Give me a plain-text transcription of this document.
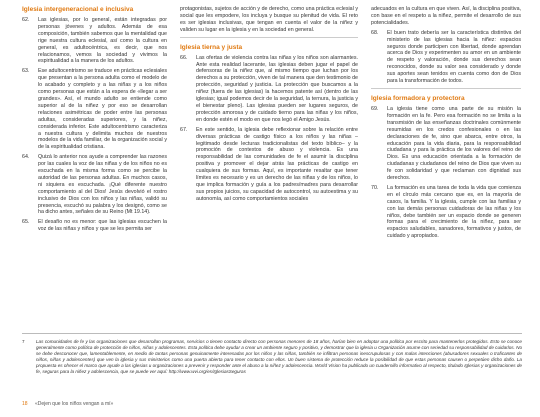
Iglesia intergeneracional e inclusiva
62. Las iglesias, por lo general, están integradas por personas jóvenes y adultos. Además de esa composición, también sabemos que la mentalidad que rige nuestra cultura eclesial, así como la cultura en general, es adultocéntrica, es decir, que nos relacionamos, vemos la sociedad y vivimos la espiritualidad a la manera de los adultos.
63. Ese adultocentrismo se traduce en prácticas eclesiales que presentan a la persona adulta como el modelo de lo acabado y completo y a las niñas y a los niños como personas que están a la espera de «llegar a ser grandes». Así, el mundo adulto se entiende como superior al de la niñez y por eso se desarrollan relaciones asimétricas de poder entre las personas adultas, consideradas superiores, y la niñez, considerada inferior. Este adultocentrismo caracteriza a nuestra cultura y delimita muchos de nuestros modelos de la vida familiar, de la organización social y de la espiritualidad cristiana.
64. Quizá lo anterior nos ayude a comprender las razones por las cuales la voz de las niñas y de los niños no es escuchada en la misma forma como se percibe la autoridad de las personas adultas. En muchos casos, ni siquiera es escuchada. ¡Qué diferente nuestro comportamiento al del Dios! Jesús devolvió el rostro inclusivo de Dios con los niños y las niñas, validó su presencia, escuchó su palabra y los designó, como se ha dicho antes, señales de su Reino (Mt 19.14).
65. El desafío no es menor: que las iglesias escuchen la voz de las niñas y niños y que se les permita ser
protagonistas, sujetos de acción y de derecho, como una práctica eclesial y social que les empodere, los incluya y busque su plenitud de vida. El reto es ser iglesias inclusivas, que tengan en cuenta el valor de la niñez y validen su lugar en la iglesia y en la sociedad en general.
Iglesia tierna y justa
66. Las ofertas de violencia contra las niñas y los niños son alarmantes. Ante esta realidad lacerante, las iglesias deben jugar el papel de defensoras de la niñez que, al mismo tiempo que luchan por los derechos a su protección, viven de tal manera que den testimonio de protección, seguridad y justicia. La protección que buscamos a la niñez (fuera de las iglesias) la hacemos patente así (dentro de las iglesias; igual podemos decir de la seguridad, la ternura, la justicia y el bienestar pleno). Las iglesias pueden ser lugares seguros, de protección amorosa y de cuidado tierno para las niñas y los niños, en donde estén el modo en que nos legó el Amigo Jesús.
67. En este sentido, la iglesia debe reflexionar sobre la relación entre diversas prácticas de castigo físico a los niños y las niñas –legitimado desde lecturas tradicionalistas del texto bíblico– y la promoción de contextos de abuso y violencia. Es una responsabilidad de las comunidades de fe el asumir la disciplina positiva y promover el dejar atrás las prácticas de castigo en cualquiera de sus formas. Aquí, es importante resaltar que tener límites es necesario y es un derecho de las niñas y de los niños, lo que implica formación y guía a los padres/madres para desarrollar sus propios juicios, su capacidad de autocontrol, su autoestima y su autonomía, así como comportamientos sociales
adecuados en la cultura en que viven. Así, la disciplina positiva, con base en el respeto a la niñez, permite el desarrollo de sus potencialidades.
68. El buen trato debería ser la característica distintiva del ministerio de las iglesias hacia la niñez: espacios seguros donde participen con libertad, donde aprendan acerca de Dios y experimenten su amor en un ambiente de respeto y valoración, donde sus derechos sean reconocidos, donde su valor sea considerado y donde sus aportes sean tenidos en cuenta como don de Dios para la transformación de todos.
Iglesia formadora y protectora
69. La iglesia tiene como una parte de su misión la formación en la fe. Pero esa formación no se limita a la transmisión de las enseñanzas doctrinales comúnmente resumidas en los credos confesionales o en las declaraciones de fe, sino que abarca, entre otros, la educación para la vida diaria, para la responsabilidad ciudadana y para la práctica de los valores del reino de Dios. Es una educación orientada a la formación de ciudadanas y ciudadanos del reino de Dios que viven su fe con solidaridad y que reclaman con dignidad sus derechos.
70. La formación es una tarea de toda la vida que comienza en el círculo más cercano que es, en la mayoría de casos, la familia. Y la iglesia, cumple con las familias y con las demás personas cuidadoras de las niñas y los niños, debe también ser un espacio donde se generen formas para el crecimiento de la niñez, para ser espacios saludables, sanadores, formativos y justos, de cuidado y apropiados.
7	Las comunidades de fe y las organizaciones que desarrollan programas, servicios o tienen contacto directo con personas menores de 18 años, harían bien en adoptar una política por escrito para mantenerlos protegidos. Esto se conoce generalmente como política de protección de niños, niñas y adolescentes. Esta política debe ayudar a crear un ambiente seguro y positivo, y demostrar que la iglesia u Organización asume con seriedad su responsabilidad de cuidarlos. No se debe desconocer que, lamentablemente, en medio de tantas personas genuinamente interesadas por los niños y las niñas, también se infiltran personas inescrupulosas y con malas intenciones (abusadores sexuales o traficantes de niños, niñas y adolescentes) que ven la iglesia y sus ministerios como una puerta abierta para tener contacto con ellos. Un buen sistema de protección reduce la posibilidad de que estas personas causen o perpetúen dicho daño. La propuesta es ofrecer el marco que ayude a las iglesias u organizaciones a prevenir y responder ante el abuso a la niñez y adolescencia. World Vision ha publicado un cuadernillo informativo al respecto, titulado Iglesias y organizaciones de fe, seguras para la niñez y adolescencia, que se puede ver aquí: http://www.wvi.org/es/IglesiasSeguras
18 «Dejen que los niños vengan a mí»
